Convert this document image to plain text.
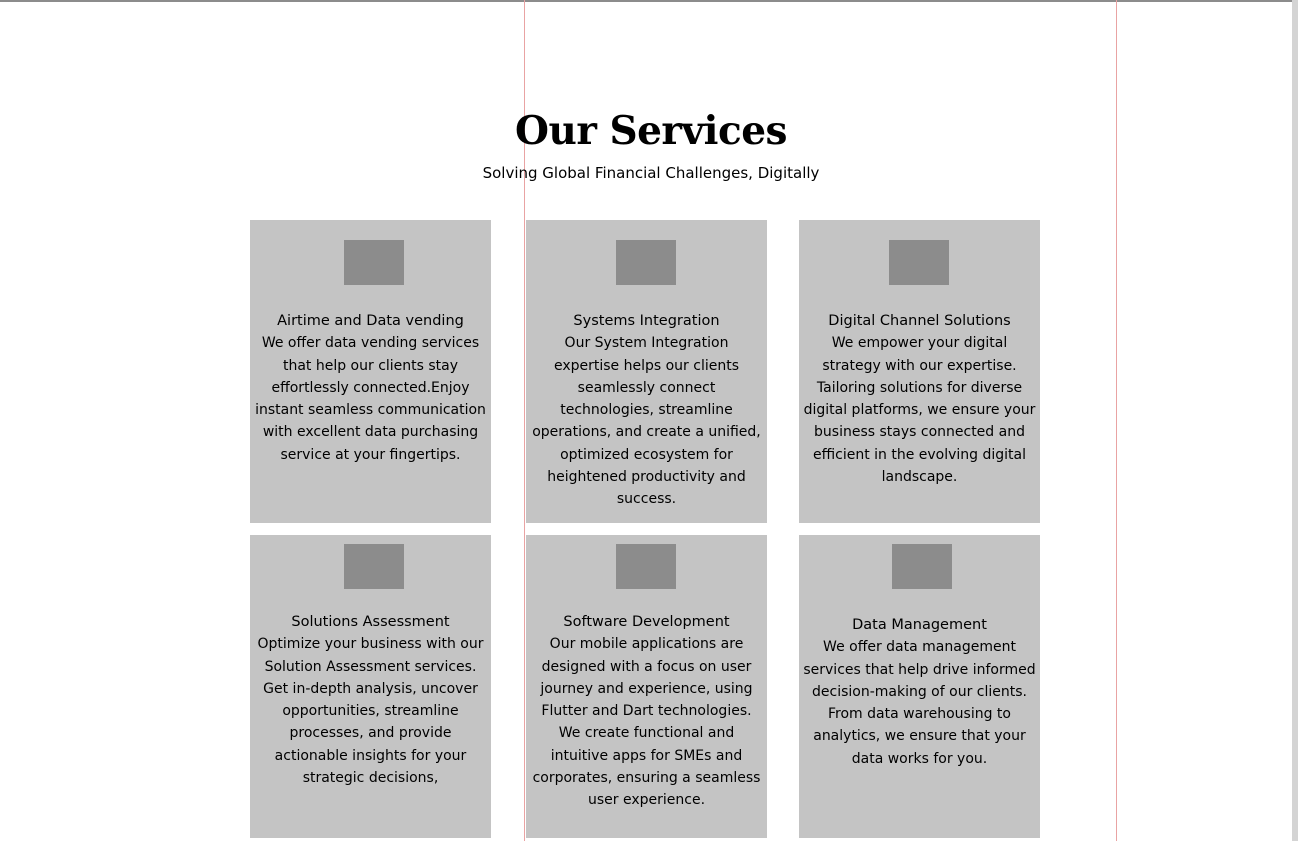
Our Services

Solving Global Financial Challenges, Digitally

Airtime and Data vending
We offer data vending services that help our clients stay effortlessly connected.Enjoy instant seamless communication with excellent data purchasing service at your fingertips.
Systems Integration
Our System Integration expertise helps our clients seamlessly connect technologies, streamline operations, and create a unified, optimized ecosystem for heightened productivity and success.
Digital Channel Solutions
We empower your digital strategy with our expertise. Tailoring solutions for diverse digital platforms, we ensure your business stays connected and efficient in the evolving digital landscape.
Solutions Assessment
Optimize your business with our Solution Assessment services. Get in-depth analysis, uncover opportunities, streamline processes, and provide actionable insights for your strategic decisions,
Software Development
Our mobile applications are designed with a focus on user journey and experience, using Flutter and Dart technologies. We create functional and intuitive apps for SMEs and corporates, ensuring a seamless user experience.
Data Management
We offer data management services that help drive informed decision-making of our clients. From data warehousing to analytics, we ensure that your data works for you.
